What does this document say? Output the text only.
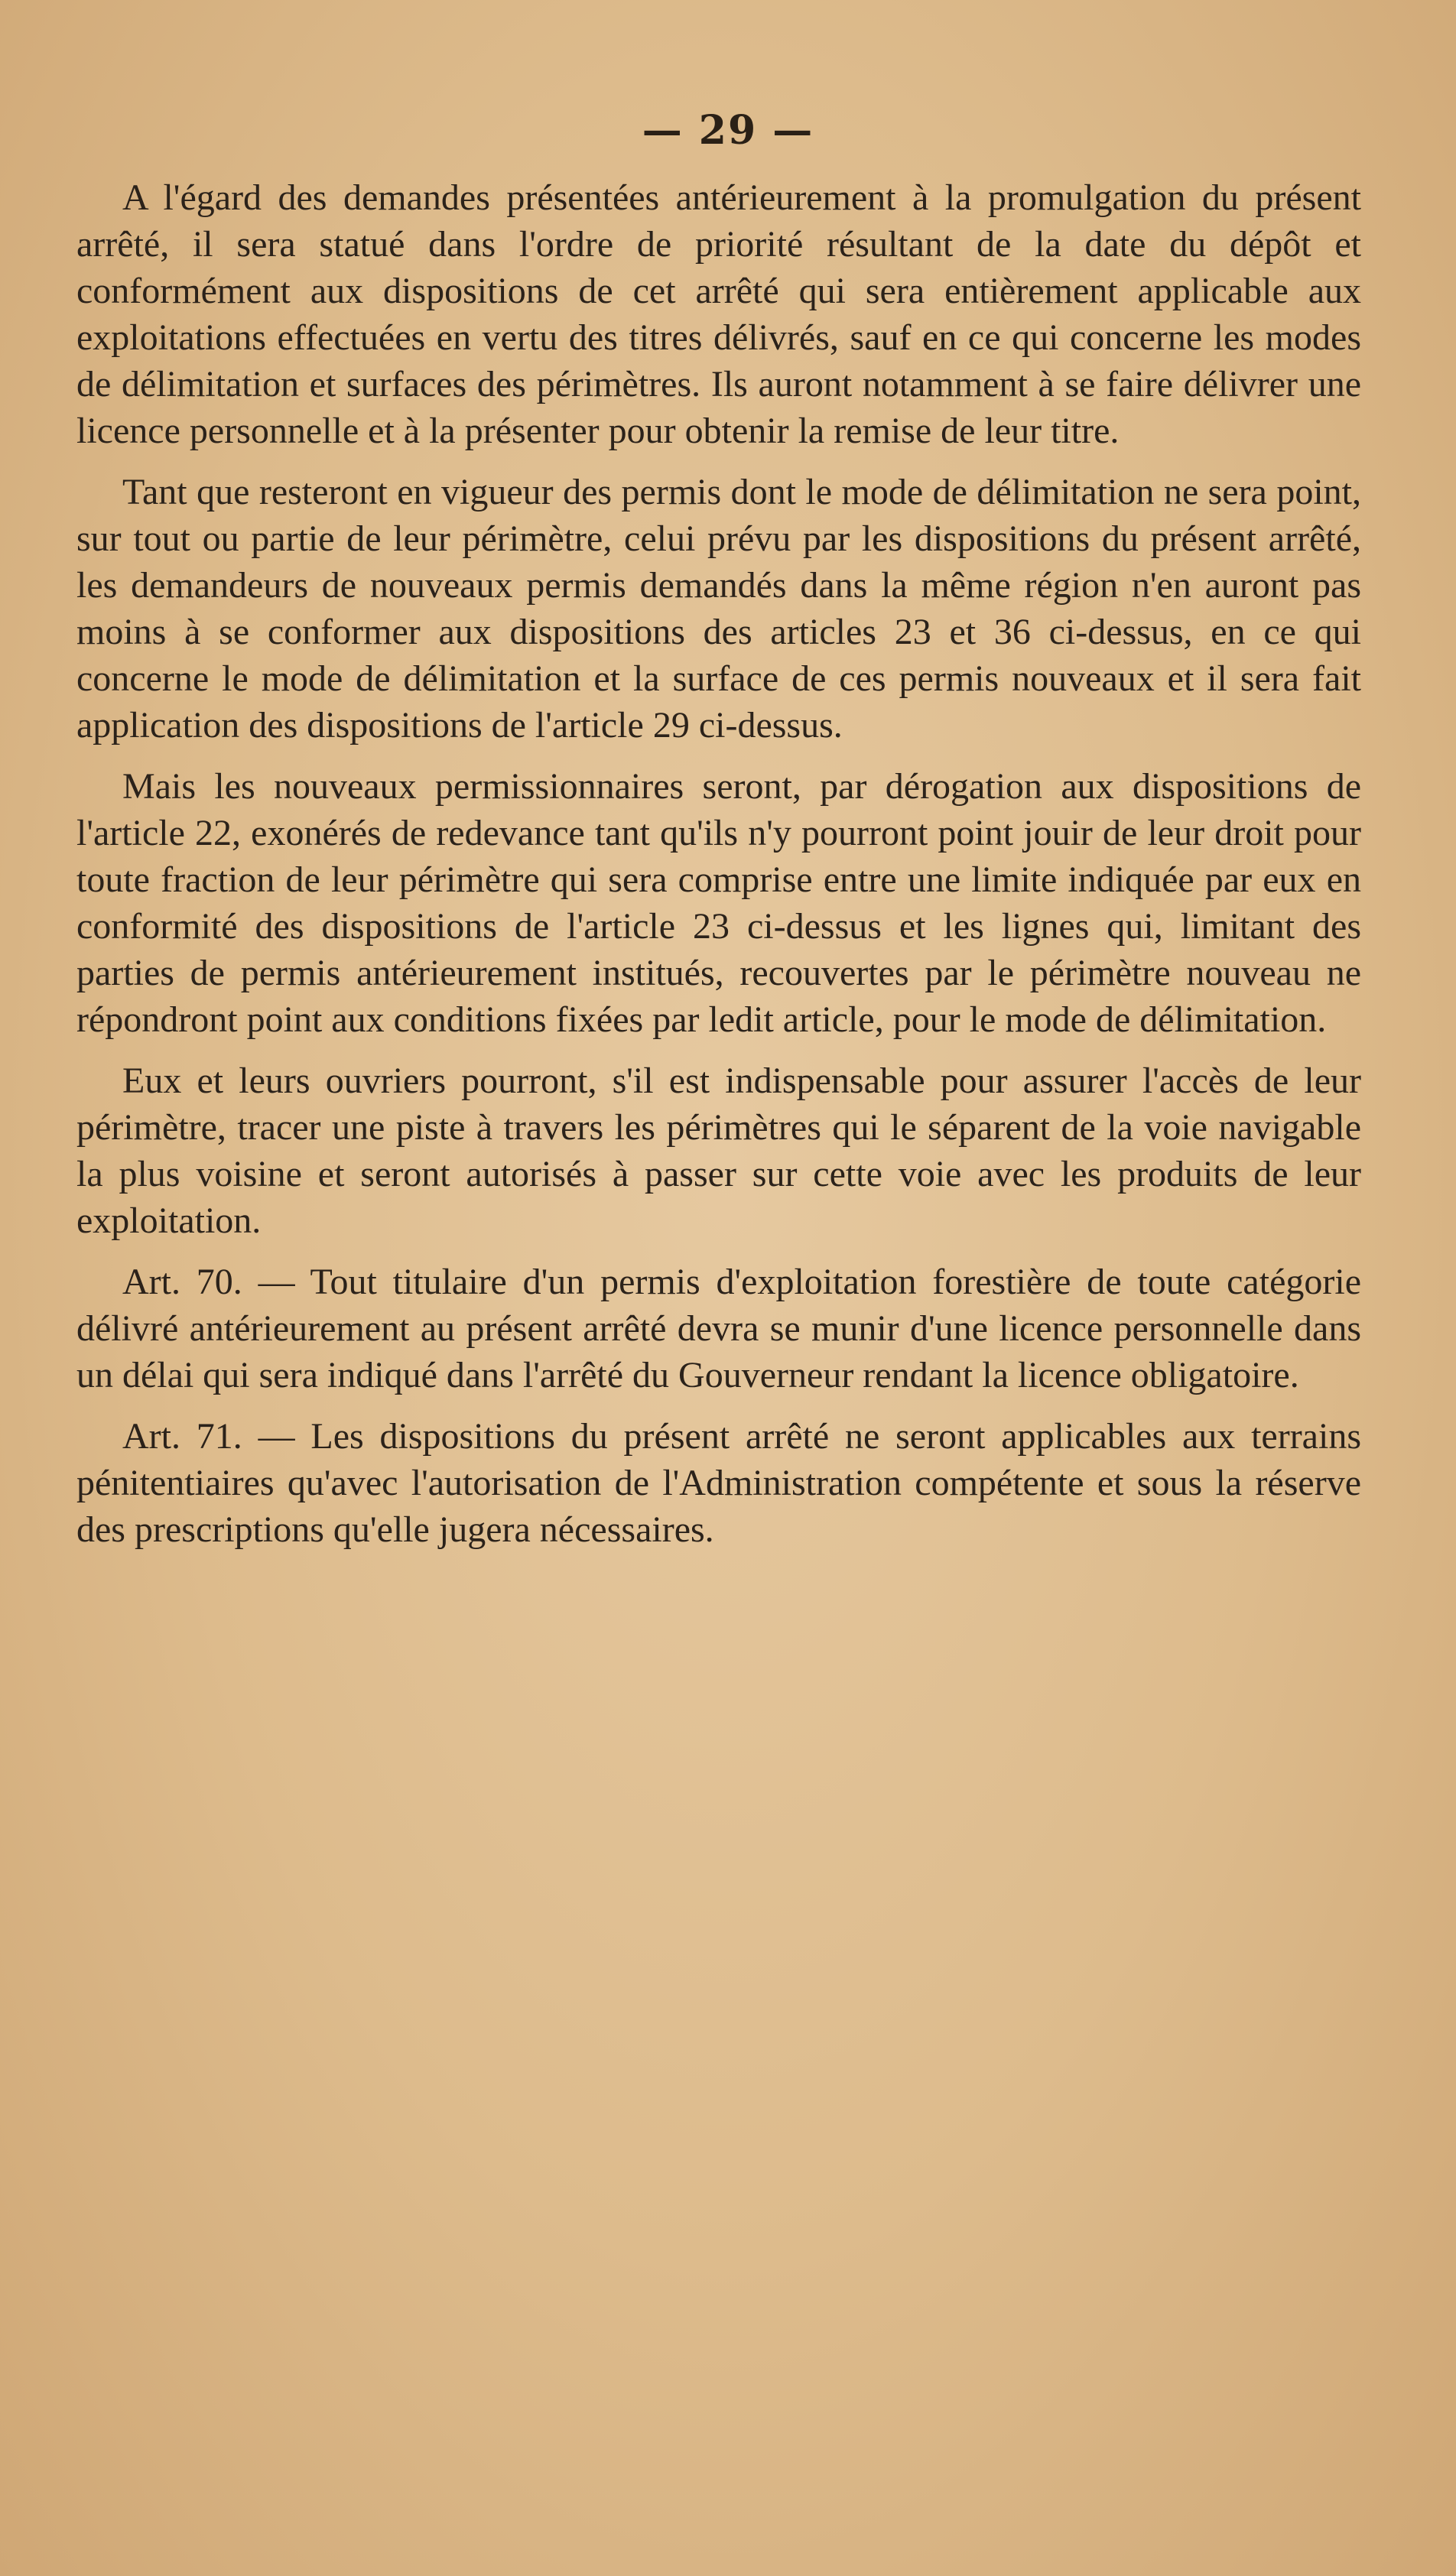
— 29 —

A l'égard des demandes présentées antérieurement à la promulgation du présent arrêté, il sera statué dans l'ordre de priorité résultant de la date du dépôt et conformément aux dispositions de cet arrêté qui sera entièrement applicable aux exploitations effectuées en vertu des titres délivrés, sauf en ce qui concerne les modes de délimitation et surfaces des périmètres. Ils auront notamment à se faire délivrer une licence personnelle et à la présenter pour obtenir la remise de leur titre.

Tant que resteront en vigueur des permis dont le mode de délimitation ne sera point, sur tout ou partie de leur périmètre, celui prévu par les dispositions du présent arrêté, les demandeurs de nouveaux permis demandés dans la même région n'en auront pas moins à se conformer aux dispositions des articles 23 et 36 ci-dessus, en ce qui concerne le mode de délimitation et la surface de ces permis nouveaux et il sera fait application des dispositions de l'article 29 ci-dessus.

Mais les nouveaux permissionnaires seront, par dérogation aux dispositions de l'article 22, exonérés de redevance tant qu'ils n'y pourront point jouir de leur droit pour toute fraction de leur périmètre qui sera comprise entre une limite indiquée par eux en conformité des dispositions de l'article 23 ci-dessus et les lignes qui, limitant des parties de permis antérieurement institués, recouvertes par le périmètre nouveau ne répondront point aux conditions fixées par ledit article, pour le mode de délimitation.

Eux et leurs ouvriers pourront, s'il est indispensable pour assurer l'accès de leur périmètre, tracer une piste à travers les périmètres qui le séparent de la voie navigable la plus voisine et seront autorisés à passer sur cette voie avec les produits de leur exploitation.

Art. 70. — Tout titulaire d'un permis d'exploitation forestière de toute catégorie délivré antérieurement au présent arrêté devra se munir d'une licence personnelle dans un délai qui sera indiqué dans l'arrêté du Gouverneur rendant la licence obligatoire.

Art. 71. — Les dispositions du présent arrêté ne seront applicables aux terrains pénitentiaires qu'avec l'autorisation de l'Administration compétente et sous la réserve des prescriptions qu'elle jugera nécessaires.
